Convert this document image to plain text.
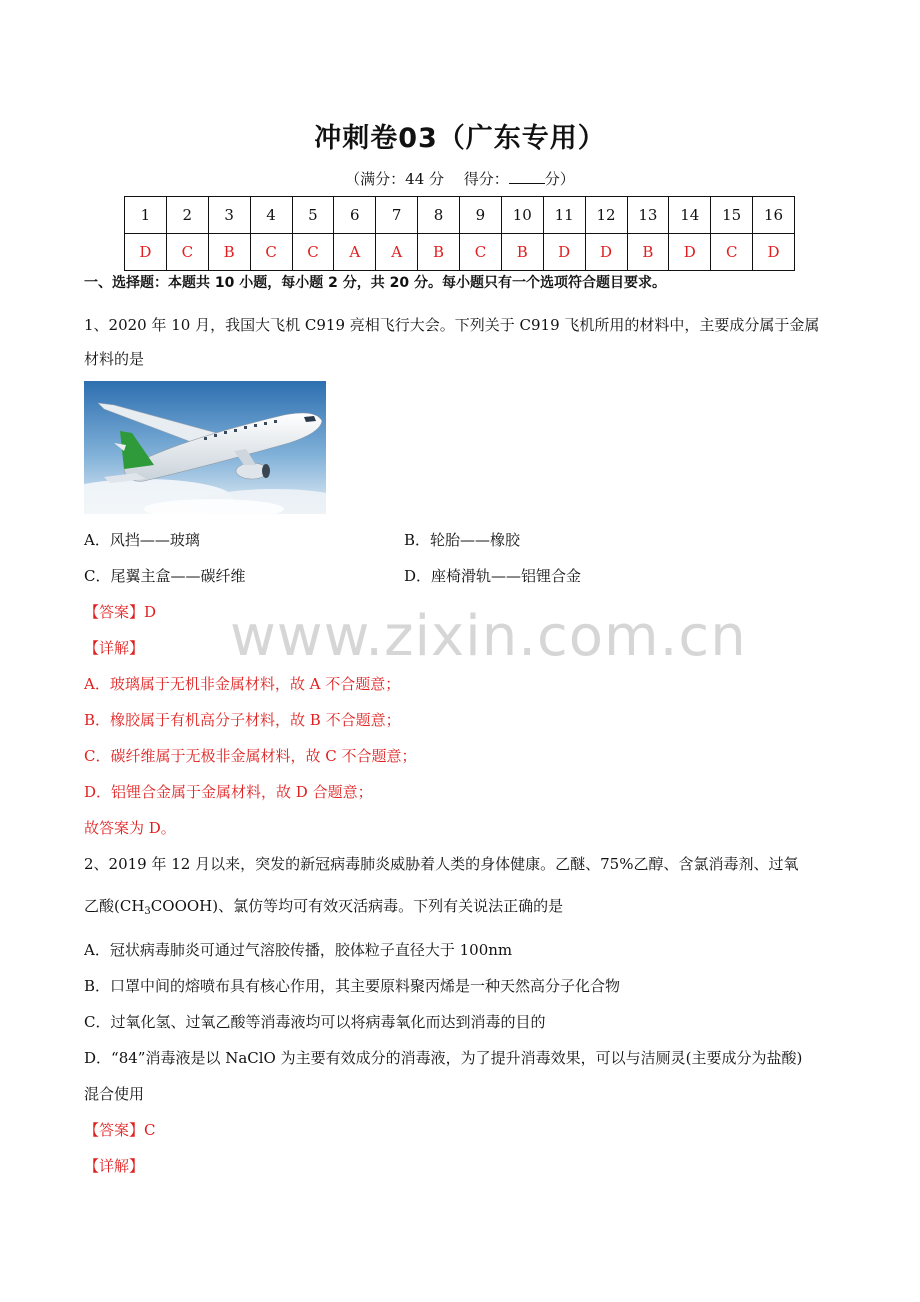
冲刺卷03（广东专用）
（满分：44 分　 得分： 分）
1	2	3	4	5	6	7	8	9	10	11	12	13	14	15	16
D	C	B	C	C	A	A	B	C	B	D	D	B	D	C	D
一、选择题：本题共 10 小题，每小题 2 分，共 20 分。每小题只有一个选项符合题目要求。
1、2020 年 10 月，我国大飞机 C919 亮相飞行大会。下列关于 C919 飞机所用的材料中，主要成分属于金属
材料的是
A．风挡——玻璃	B．轮胎——橡胶
C．尾翼主盒——碳纤维	D．座椅滑轨——铝锂合金
www.zixin.com.cn
【答案】D
【详解】
A．玻璃属于无机非金属材料，故 A 不合题意；
B．橡胶属于有机高分子材料，故 B 不合题意；
C．碳纤维属于无极非金属材料，故 C 不合题意；
D．铝锂合金属于金属材料，故 D 合题意；
故答案为 D。
2、2019 年 12 月以来，突发的新冠病毒肺炎威胁着人类的身体健康。乙醚、75%乙醇、含氯消毒剂、过氧
乙酸$(CH_3COOOH)$、氯仿等均可有效灭活病毒。下列有关说法正确的是
A．冠状病毒肺炎可通过气溶胶传播，胶体粒子直径大于 100nm
B．口罩中间的熔喷布具有核心作用，其主要原料聚丙烯是一种天然高分子化合物
C．过氧化氢、过氧乙酸等消毒液均可以将病毒氧化而达到消毒的目的
D．“84”消毒液是以 NaClO 为主要有效成分的消毒液，为了提升消毒效果，可以与洁厕灵(主要成分为盐酸)
混合使用
【答案】C
【详解】
